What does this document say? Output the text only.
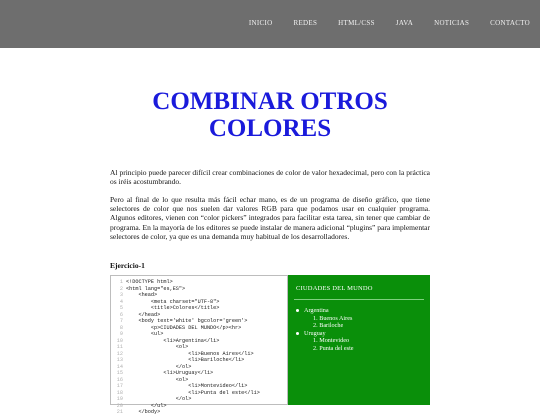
INICIO	REDES	HTML/CSS	JAVA	NOTICIAS	CONTACTO
COMBINAR OTROS
COLORES

Al principio puede parecer difícil crear combinaciones de color de valor hexadecimal, pero con la práctica os iréis acostumbrando.

Pero al final de lo que resulta más fácil echar mano, es de un programa de diseño gráfico, que tiene selectores de color que nos suelen dar valores RGB para que podamos usar en cualquier programa. Algunos editores, vienen con “color pickers” integrados para facilitar esta tarea, sin tener que cambiar de programa. En la mayoría de los editores se puede instalar de manera adicional “plugins” para implementar selectores de color, ya que es una demanda muy habitual de los desarrolladores.

Ejercicio-1
1 <!DOCTYPE html>
2 <html lang="es,ES">
3 <head>
4 <meta charset="UTF-8">
5 <title>Colores</title>
6 </head>
7 <body text='white' bgcolor='green'>
8 <p>CIUDADES DEL MUNDO</p><hr>
9 <ul>
10 <li>Argentina</li>
11 <ol>
12 <li>Buenos Aires</li>
13 <li>Bariloche</li>
14 </ol>
15 <li>Uruguay</li>
16 <ol>
17 <li>Montevideo</li>
18 <li>Punta del este</li>
19 </ol>
20 </ul>
21 </body>
CIUDADES DEL MUNDO
Argentina
1. Buenos Aires
2. Bariloche
Uruguay
1. Montevideo
2. Punta del este
